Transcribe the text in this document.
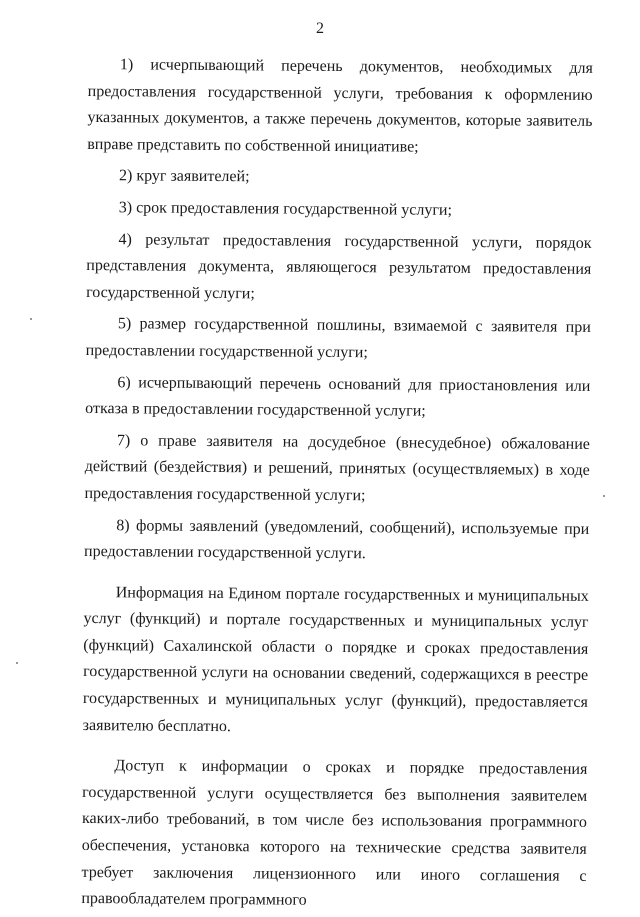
2

1) исчерпывающий перечень документов, необходимых для предоставления государственной услуги, требования к оформлению указанных документов, а также перечень документов, которые заявитель вправе представить по собственной инициативе;

2) круг заявителей;

3) срок предоставления государственной услуги;

4) результат предоставления государственной услуги, порядок представления документа, являющегося результатом предоставления государственной услуги;

5) размер государственной пошлины, взимаемой с заявителя при предоставлении государственной услуги;

6) исчерпывающий перечень оснований для приостановления или отказа в предоставлении государственной услуги;

7) о праве заявителя на досудебное (внесудебное) обжалование действий (бездействия) и решений, принятых (осуществляемых) в ходе предоставления государственной услуги;

8) формы заявлений (уведомлений, сообщений), используемые при предоставлении государственной услуги.

Информация на Едином портале государственных и муниципальных услуг (функций) и портале государственных и муниципальных услуг (функций) Сахалинской области о порядке и сроках предоставления государственной услуги на основании сведений, содержащихся в реестре государственных и муниципальных услуг (функций), предоставляется заявителю бесплатно.

Доступ к информации о сроках и порядке предоставления государственной услуги осуществляется без выполнения заявителем каких-либо требований, в том числе без использования программного обеспечения, установка которого на технические средства заявителя требует заключения лицензионного или иного соглашения с правообладателем программного
